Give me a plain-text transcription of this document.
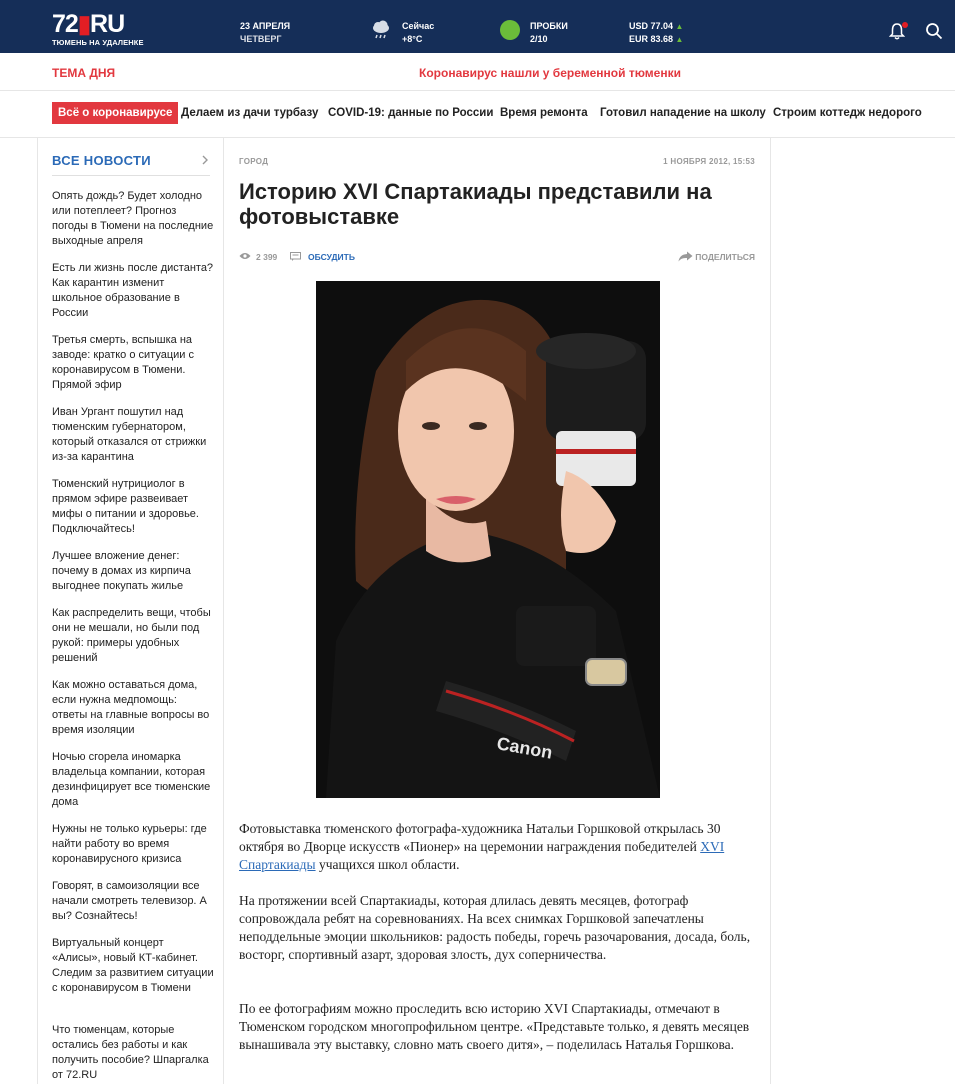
72▮RU
ТЮМЕНЬ НА УДАЛЕНКЕ
23 АПРЕЛЯ
ЧЕТВЕРГ
Сейчас
+8°C
ПРОБКИ
2/10
USD 77.04 ▲
EUR 83.68 ▲
ТЕМА ДНЯ	Коронавирус нашли у беременной тюменки
Всё о коронавирусе Делаем из дачи турбазу COVID-19: данные по России Время ремонта Готовил нападение на школу Строим коттедж недорого
ВСЕ НОВОСТИ
Опять дождь? Будет холодно или потеплеет? Прогноз погоды в Тюмени на последние выходные апреля
Есть ли жизнь после дистанта? Как карантин изменит школьное образование в России
Третья смерть, вспышка на заводе: кратко о ситуации с коронавирусом в Тюмени. Прямой эфир
Иван Ургант пошутил над тюменским губернатором, который отказался от стрижки из-за карантина
Тюменский нутрициолог в прямом эфире развеивает мифы о питании и здоровье. Подключайтесь!
Лучшее вложение денег: почему в домах из кирпича выгоднее покупать жилье
Как распределить вещи, чтобы они не мешали, но были под рукой: примеры удобных решений
Как можно оставаться дома, если нужна медпомощь: ответы на главные вопросы во время изоляции
Ночью сгорела иномарка владельца компании, которая дезинфицирует все тюменские дома
Нужны не только курьеры: где найти работу во время коронавирусного кризиса
Говорят, в самоизоляции все начали смотреть телевизор. А вы? Сознайтесь!
Виртуальный концерт «Алисы», новый КТ-кабинет. Следим за развитием ситуации с коронавирусом в Тюмени
Что тюменцам, которые остались без работы и как получить пособие? Шпаргалка от 72.RU
ГОРОД	1 НОЯБРЯ 2012, 15:53
Историю XVI Спартакиады представили на фотовыставке
2 399	ОБСУДИТЬ	ПОДЕЛИТЬСЯ
Canon

Фотовыставка тюменского фотографа-художника Натальи Горшковой открылась 30 октября во Дворце искусств «Пионер» на церемонии награждения победителей XVI Спартакиады учащихся школ области.

На протяжении всей Спартакиады, которая длилась девять месяцев, фотограф сопровождала ребят на соревнованиях. На всех снимках Горшковой запечатлены неподдельные эмоции школьников: радость победы, горечь разочарования, досада, боль, восторг, спортивный азарт, здоровая злость, дух соперничества.

По ее фотографиям можно проследить всю историю XVI Спартакиады, отмечают в Тюменском городском многопрофильном центре. «Представьте только, я девять месяцев вынашивала эту выставку, словно мать своего дитя», – поделилась Наталья Горшкова.
